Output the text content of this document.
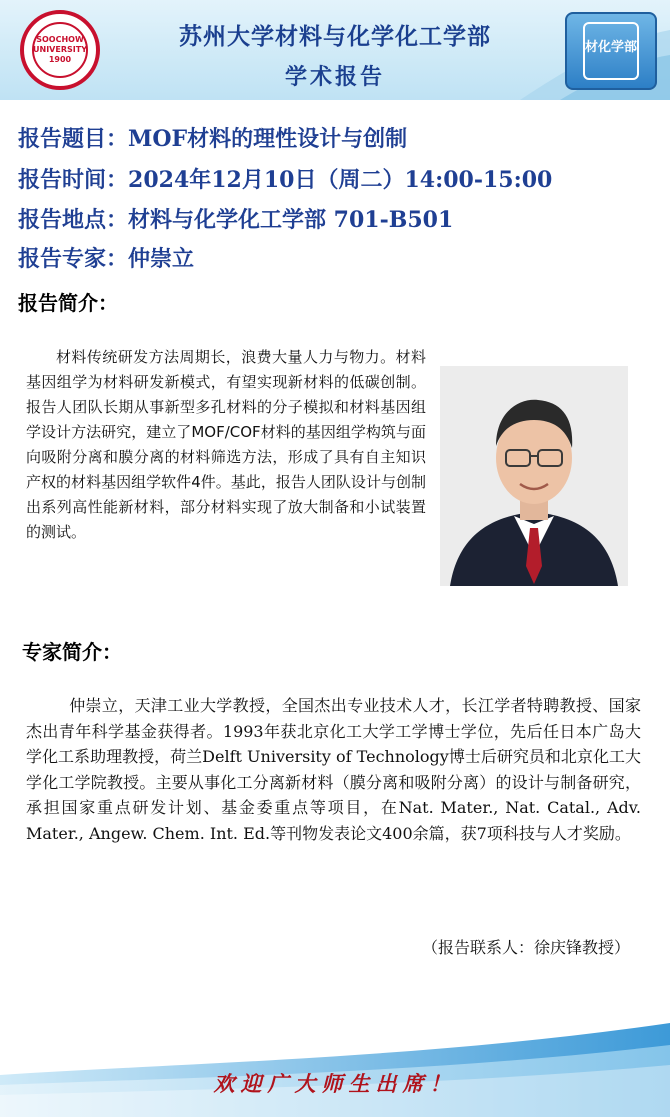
SOOCHOW
UNIVERSITY
1900
苏州大学材料与化学化工学部
学术报告
材化学部
报告题目：MOF材料的理性设计与创制
报告时间：2024年12月10日（周二）14:00-15:00
报告地点：材料与化学化工学部 701-B501
报告专家：仲崇立
报告简介：
材料传统研发方法周期长，浪费大量人力与物力。材料基因组学为材料研发新模式，有望实现新材料的低碳创制。报告人团队长期从事新型多孔材料的分子模拟和材料基因组学设计方法研究，建立了MOF/COF材料的基因组学构筑与面向吸附分离和膜分离的材料筛选方法，形成了具有自主知识产权的材料基因组学软件4件。基此，报告人团队设计与创制出系列高性能新材料，部分材料实现了放大制备和小试装置的测试。
专家简介：
仲崇立，天津工业大学教授，全国杰出专业技术人才，长江学者特聘教授、国家杰出青年科学基金获得者。1993年获北京化工大学工学博士学位，先后任日本广岛大学化工系助理教授，荷兰Delft University of Technology博士后研究员和北京化工大学化工学院教授。主要从事化工分离新材料（膜分离和吸附分离）的设计与制备研究，承担国家重点研发计划、基金委重点等项目，在Nat. Mater., Nat. Catal., Adv. Mater., Angew. Chem. Int. Ed.等刊物发表论文400余篇，获7项科技与人才奖励。
（报告联系人：徐庆锋教授）
欢迎广大师生出席！
